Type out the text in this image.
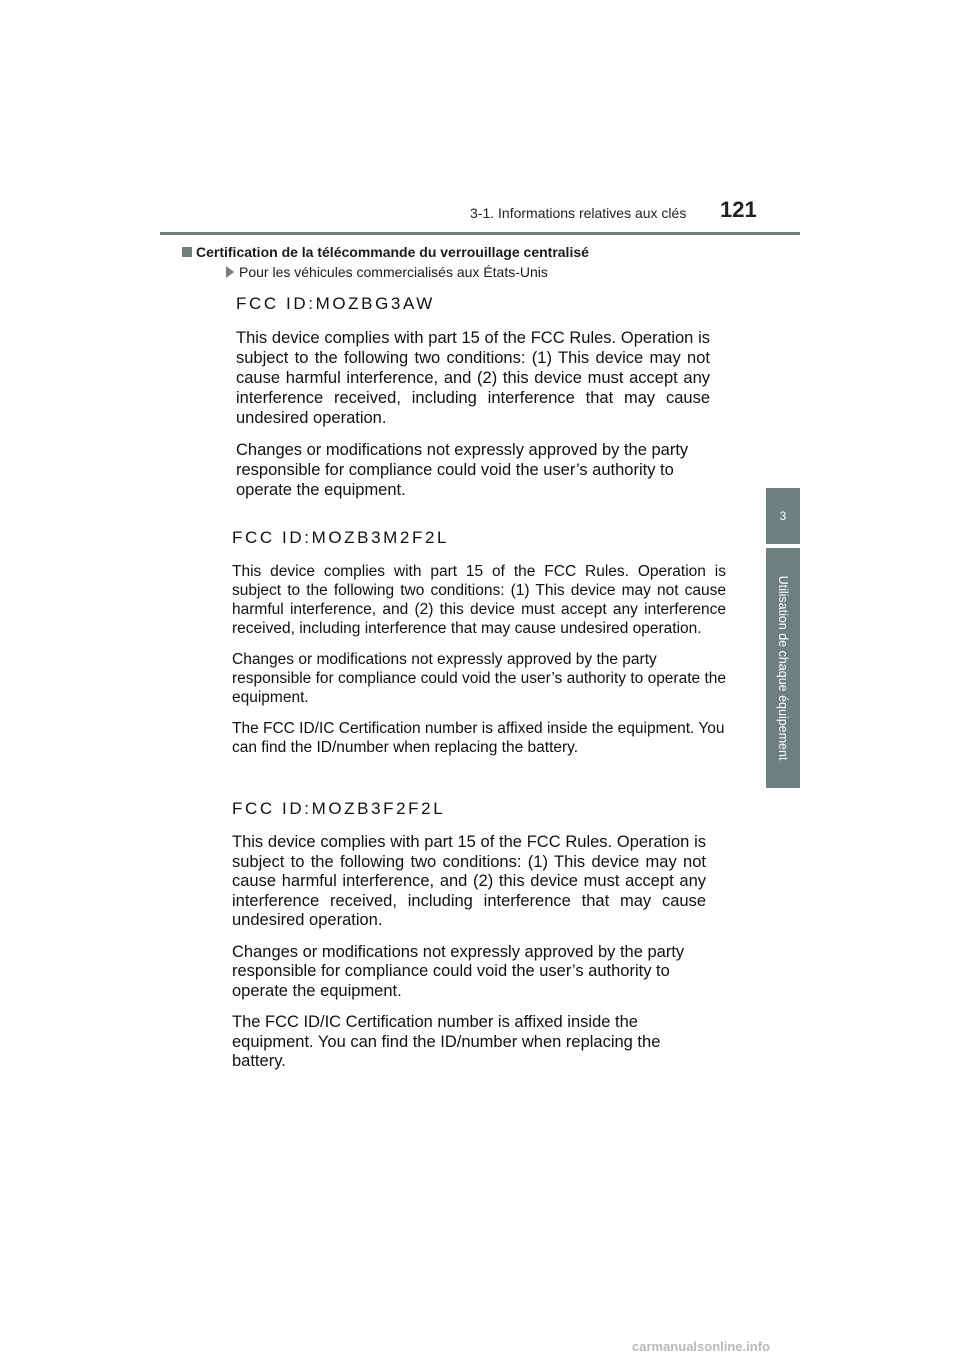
3-1. Informations relatives aux clés 121
3
Utilisation de chaque équipement
Certification de la télécommande du verrouillage centralisé
Pour les véhicules commercialisés aux États-Unis
FCC ID:MOZBG3AW

This device complies with part 15 of the FCC Rules. Operation is subject to the following two conditions: (1) This device may not cause harmful interference, and (2) this device must accept any interference received, including interference that may cause undesired operation.

Changes or modifications not expressly approved by the party responsible for compliance could void the user’s authority to operate the equipment.

FCC ID:MOZB3M2F2L

This device complies with part 15 of the FCC Rules. Operation is subject to the following two conditions: (1) This device may not cause harmful interference, and (2) this device must accept any interference received, including interference that may cause undesired operation.

Changes or modifications not expressly approved by the party responsible for compliance could void the user’s authority to operate the equipment.

The FCC ID/IC Certification number is affixed inside the equipment. You can find the ID/number when replacing the battery.

FCC ID:MOZB3F2F2L

This device complies with part 15 of the FCC Rules. Operation is subject to the following two conditions: (1) This device may not cause harmful interference, and (2) this device must accept any interference received, including interference that may cause undesired operation.

Changes or modifications not expressly approved by the party responsible for compliance could void the user’s authority to operate the equipment.

The FCC ID/IC Certification number is affixed inside the equipment. You can find the ID/number when replacing the battery.

carmanualsonline.info
